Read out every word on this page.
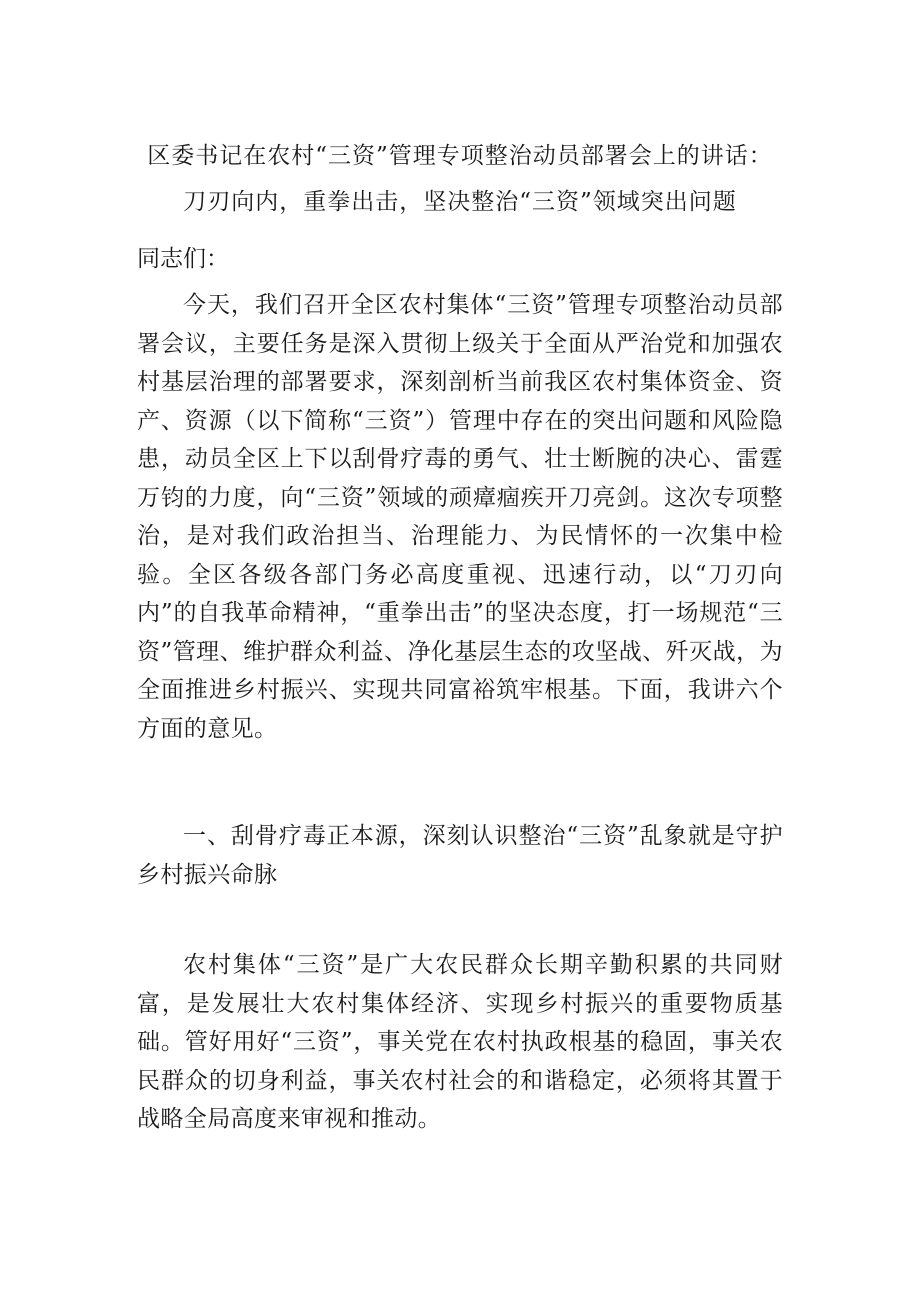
区委书记在农村“三资”管理专项整治动员部署会上的讲话：
刀刃向内，重拳出击，坚决整治“三资”领域突出问题
同志们：

今天，我们召开全区农村集体“三资”管理专项整治动员部署会议，主要任务是深入贯彻上级关于全面从严治党和加强农村基层治理的部署要求，深刻剖析当前我区农村集体资金、资产、资源（以下简称“三资”）管理中存在的突出问题和风险隐患，动员全区上下以刮骨疗毒的勇气、壮士断腕的决心、雷霆万钧的力度，向“三资”领域的顽瘴痼疾开刀亮剑。这次专项整治，是对我们政治担当、治理能力、为民情怀的一次集中检验。全区各级各部门务必高度重视、迅速行动，以“刀刃向内”的自我革命精神，“重拳出击”的坚决态度，打一场规范“三资”管理、维护群众利益、净化基层生态的攻坚战、歼灭战，为全面推进乡村振兴、实现共同富裕筑牢根基。下面，我讲六个方面的意见。

一、刮骨疗毒正本源，深刻认识整治“三资”乱象就是守护乡村振兴命脉

农村集体“三资”是广大农民群众长期辛勤积累的共同财富，是发展壮大农村集体经济、实现乡村振兴的重要物质基础。管好用好“三资”，事关党在农村执政根基的稳固，事关农民群众的切身利益，事关农村社会的和谐稳定，必须将其置于战略全局高度来审视和推动。
